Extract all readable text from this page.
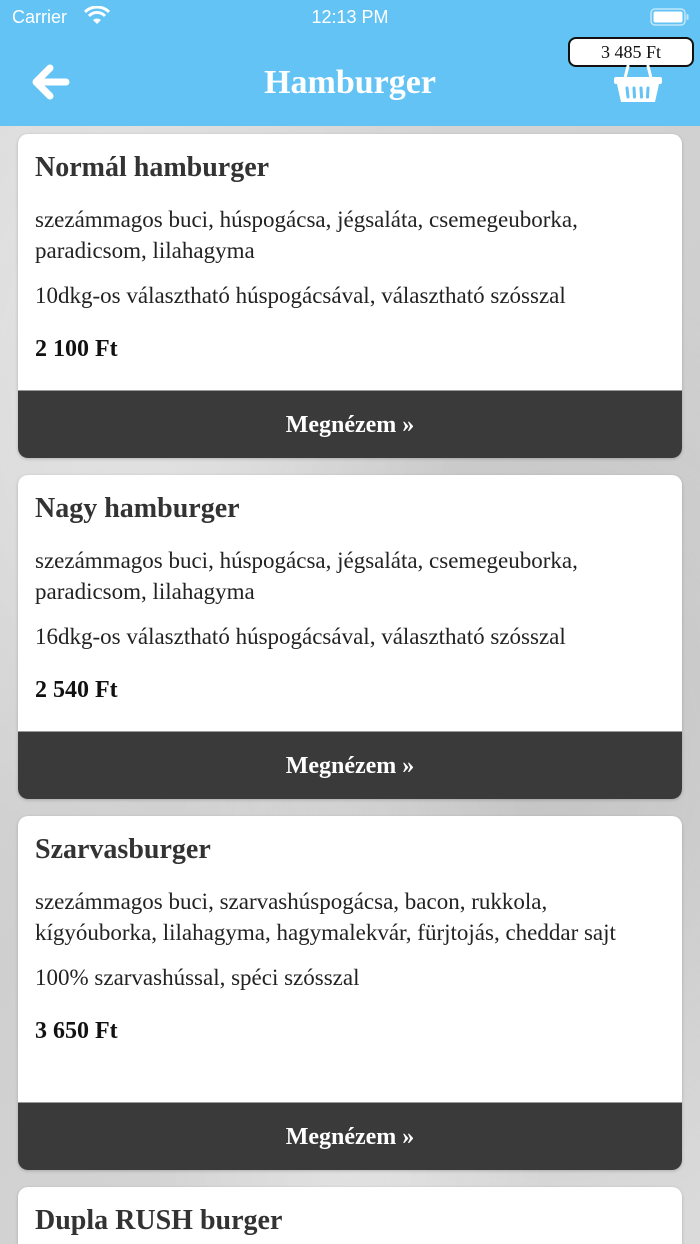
Carrier	12:13 PM
Hamburger
3 485 Ft
Normál hamburger
szezámmagos buci, húspogácsa, jégsaláta, csemegeuborka, paradicsom, lilahagyma
10dkg-os választható húspogácsával, választható szósszal
2 100 Ft
Megnézem »
Nagy hamburger
szezámmagos buci, húspogácsa, jégsaláta, csemegeuborka, paradicsom, lilahagyma
16dkg-os választható húspogácsával, választható szósszal
2 540 Ft
Megnézem »
Szarvasburger
szezámmagos buci, szarvashúspogácsa, bacon, rukkola, kígyóuborka, lilahagyma, hagymalekvár, fürjtojás, cheddar sajt
100% szarvashússal, spéci szósszal
3 650 Ft
Megnézem »
Dupla RUSH burger
